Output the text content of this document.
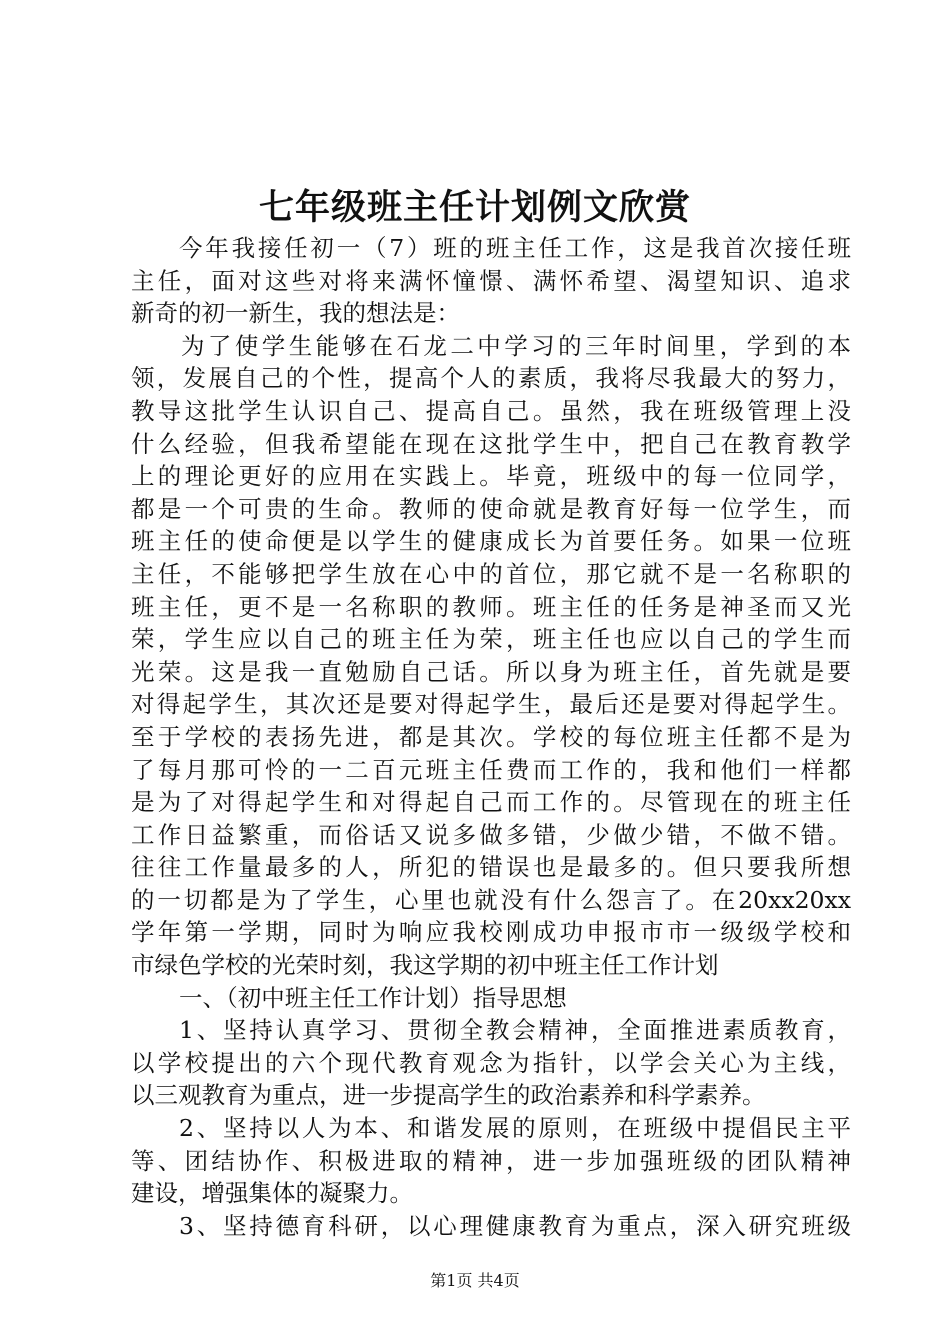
七年级班主任计划例文欣赏
今年我接任初一（7）班的班主任工作，这是我首次接任班
主任，面对这些对将来满怀憧憬、满怀希望、渴望知识、追求
新奇的初一新生，我的想法是：
为了使学生能够在石龙二中学习的三年时间里，学到的本
领，发展自己的个性，提高个人的素质，我将尽我最大的努力，
教导这批学生认识自己、提高自己。虽然，我在班级管理上没
什么经验，但我希望能在现在这批学生中，把自己在教育教学
上的理论更好的应用在实践上。毕竟，班级中的每一位同学，
都是一个可贵的生命。教师的使命就是教育好每一位学生，而
班主任的使命便是以学生的健康成长为首要任务。如果一位班
主任，不能够把学生放在心中的首位，那它就不是一名称职的
班主任，更不是一名称职的教师。班主任的任务是神圣而又光
荣，学生应以自己的班主任为荣，班主任也应以自己的学生而
光荣。这是我一直勉励自己话。所以身为班主任，首先就是要
对得起学生，其次还是要对得起学生，最后还是要对得起学生。
至于学校的表扬先进，都是其次。学校的每位班主任都不是为
了每月那可怜的一二百元班主任费而工作的，我和他们一样都
是为了对得起学生和对得起自己而工作的。尽管现在的班主任
工作日益繁重，而俗话又说多做多错，少做少错，不做不错。
往往工作量最多的人，所犯的错误也是最多的。但只要我所想
的一切都是为了学生，心里也就没有什么怨言了。在20xx20xx
学年第一学期，同时为响应我校刚成功申报市市一级级学校和
市绿色学校的光荣时刻，我这学期的初中班主任工作计划
一、（初中班主任工作计划）指导思想
1、坚持认真学习、贯彻全教会精神，全面推进素质教育，
以学校提出的六个现代教育观念为指针，以学会关心为主线，
以三观教育为重点，进一步提高学生的政治素养和科学素养。
2、坚持以人为本、和谐发展的原则，在班级中提倡民主平
等、团结协作、积极进取的精神，进一步加强班级的团队精神
建设，增强集体的凝聚力。
3、坚持德育科研，以心理健康教育为重点，深入研究班级
第1页 共4页
